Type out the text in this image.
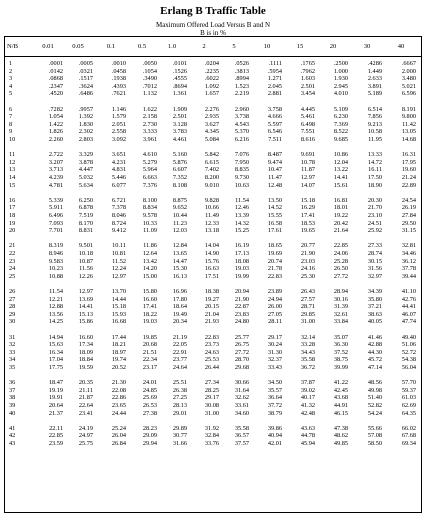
Erlang B Traffic Table
Maximum Offered Load Versus B and N
B is in %
N/B	0.01	0.05	0.1	0.5	1.0	2	5	10	15	20	30	40
1	.0001	.0005	.0010	.0050	.0101	.0204	.0526	.1111	.1765	.2500	.4286	.6667
2	.0142	.0321	.0458	.1054	.1526	.2235	.3813	.5954	.7962	1.000	1.449	2.000
3	.0868	.1517	.1938	.3490	.4555	.6022	.8994	1.271	1.603	1.930	2.633	3.480
4	.2347	.3624	.4393	.7012	.8694	1.092	1.523	2.045	2.501	2.945	3.891	5.021
5	.4520	.6486	.7621	1.132	1.361	1.657	2.219	2.881	3.454	4.010	5.189	6.596
6	.7282	.9957	1.146	1.622	1.909	2.276	2.960	3.758	4.445	5.109	6.514	8.191
7	1.054	1.392	1.579	2.158	2.501	2.935	3.738	4.666	5.461	6.230	7.856	9.800
8	1.422	1.830	2.051	2.730	3.128	3.627	4.543	5.597	6.498	7.369	9.213	11.42
9	1.826	2.302	2.558	3.333	3.783	4.345	5.370	6.546	7.551	8.522	10.58	13.05
10	2.260	2.803	3.092	3.961	4.461	5.084	6.216	7.511	8.616	9.685	11.95	14.68
11	2.722	3.329	3.651	4.610	5.160	5.842	7.076	8.487	9.691	10.86	13.33	16.31
12	3.207	3.878	4.231	5.279	5.876	6.615	7.950	9.474	10.78	12.04	14.72	17.95
13	3.713	4.447	4.831	5.964	6.607	7.402	8.835	10.47	11.87	13.22	16.11	19.60
14	4.239	5.032	5.446	6.663	7.352	8.200	9.730	11.47	12.97	14.41	17.50	21.24
15	4.781	5.634	6.077	7.376	8.108	9.010	10.63	12.48	14.07	15.61	18.90	22.89
16	5.339	6.250	6.721	8.100	8.875	9.828	11.54	13.50	15.18	16.81	20.30	24.54
17	5.911	6.878	7.378	8.834	9.652	10.66	12.46	14.52	16.29	18.01	21.70	26.19
18	6.496	7.519	8.046	9.578	10.44	11.49	13.39	15.55	17.41	19.22	23.10	27.84
19	7.093	8.170	8.724	10.33	11.23	12.33	14.32	16.58	18.53	20.42	24.51	29.50
20	7.701	8.831	9.412	11.09	12.03	13.18	15.25	17.61	19.65	21.64	25.92	31.15
21	8.319	9.501	10.11	11.86	12.84	14.04	16.19	18.65	20.77	22.85	27.33	32.81
22	8.946	10.18	10.81	12.64	13.65	14.90	17.13	19.69	21.90	24.06	28.74	34.46
23	9.583	10.87	11.52	13.42	14.47	15.76	18.08	20.74	23.03	25.28	30.15	36.12
24	10.23	11.56	12.24	14.20	15.30	16.63	19.03	21.78	24.16	26.50	31.56	37.78
25	10.88	12.26	12.97	15.00	16.13	17.51	19.99	22.83	25.30	27.72	32.97	39.44
26	11.54	12.97	13.70	15.80	16.96	18.38	20.94	23.89	26.43	28.94	34.39	41.10
27	12.21	13.69	14.44	16.60	17.80	19.27	21.90	24.94	27.57	30.16	35.80	42.76
28	12.88	14.41	15.18	17.41	18.64	20.15	22.87	26.00	28.71	31.39	37.21	44.41
29	13.56	15.13	15.93	18.22	19.49	21.04	23.83	27.05	29.85	32.61	38.63	46.07
30	14.25	15.86	16.68	19.03	20.34	21.93	24.80	28.11	31.00	33.84	40.05	47.74
31	14.94	16.60	17.44	19.85	21.19	22.83	25.77	29.17	32.14	35.07	41.46	49.40
32	15.63	17.34	18.21	20.68	22.05	23.73	26.75	30.24	33.28	36.30	42.88	51.06
33	16.34	18.09	18.97	21.51	22.91	24.63	27.72	31.30	34.43	37.52	44.30	52.72
34	17.04	18.84	19.74	22.34	23.77	25.53	28.70	32.37	35.58	38.75	45.72	54.38
35	17.75	19.59	20.52	23.17	24.64	26.44	29.68	33.43	36.72	39.99	47.14	56.04
36	18.47	20.35	21.30	24.01	25.51	27.34	30.66	34.50	37.87	41.22	48.56	57.70
37	19.19	21.11	22.08	24.85	26.38	28.25	31.64	35.57	39.02	42.45	49.98	59.37
38	19.91	21.87	22.86	25.69	27.25	29.17	32.62	36.64	40.17	43.68	51.40	61.03
39	20.64	22.64	23.65	26.53	28.13	30.08	33.61	37.72	41.32	44.91	52.82	62.69
40	21.37	23.41	24.44	27.38	29.01	31.00	34.60	38.79	42.48	46.15	54.24	64.35
41	22.11	24.19	25.24	28.23	29.89	31.92	35.58	39.86	43.63	47.38	55.66	66.02
42	22.85	24.97	26.04	29.09	30.77	32.84	36.57	40.94	44.78	48.62	57.08	67.68
43	23.59	25.75	26.84	29.94	31.66	33.76	37.57	42.01	45.94	49.85	58.50	69.34
